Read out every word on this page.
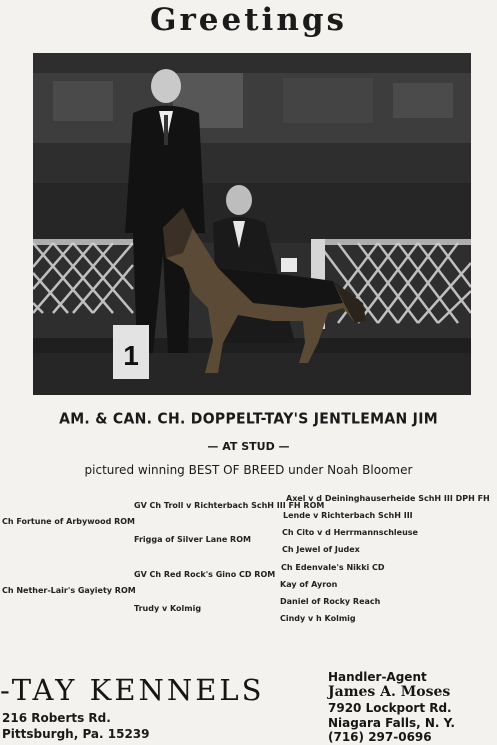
Greetings
1
AM. & CAN. CH. DOPPELT-TAY'S JENTLEMAN JIM
— AT STUD —
pictured winning BEST OF BREED under Noah Bloomer
Axel v d Deininghauserheide SchH III DPH FH
GV Ch Troll v Richterbach SchH III FH ROM
Lende v Richterbach SchH III
Ch Fortune of Arbywood ROM
Ch Cito v d Herrmannschleuse
Frigga of Silver Lane ROM
Ch Jewel of Judex
Ch Edenvale's Nikki CD
GV Ch Red Rock's Gino CD ROM
Kay of Ayron
Ch Nether-Lair's Gayiety ROM
Daniel of Rocky Reach
Trudy v Kolmig
Cindy v h Kolmig
-TAY KENNELS
216 Roberts Rd.
Pittsburgh, Pa. 15239
Handler-Agent
James A. Moses
7920 Lockport Rd.
Niagara Falls, N. Y.
(716) 297-0696
